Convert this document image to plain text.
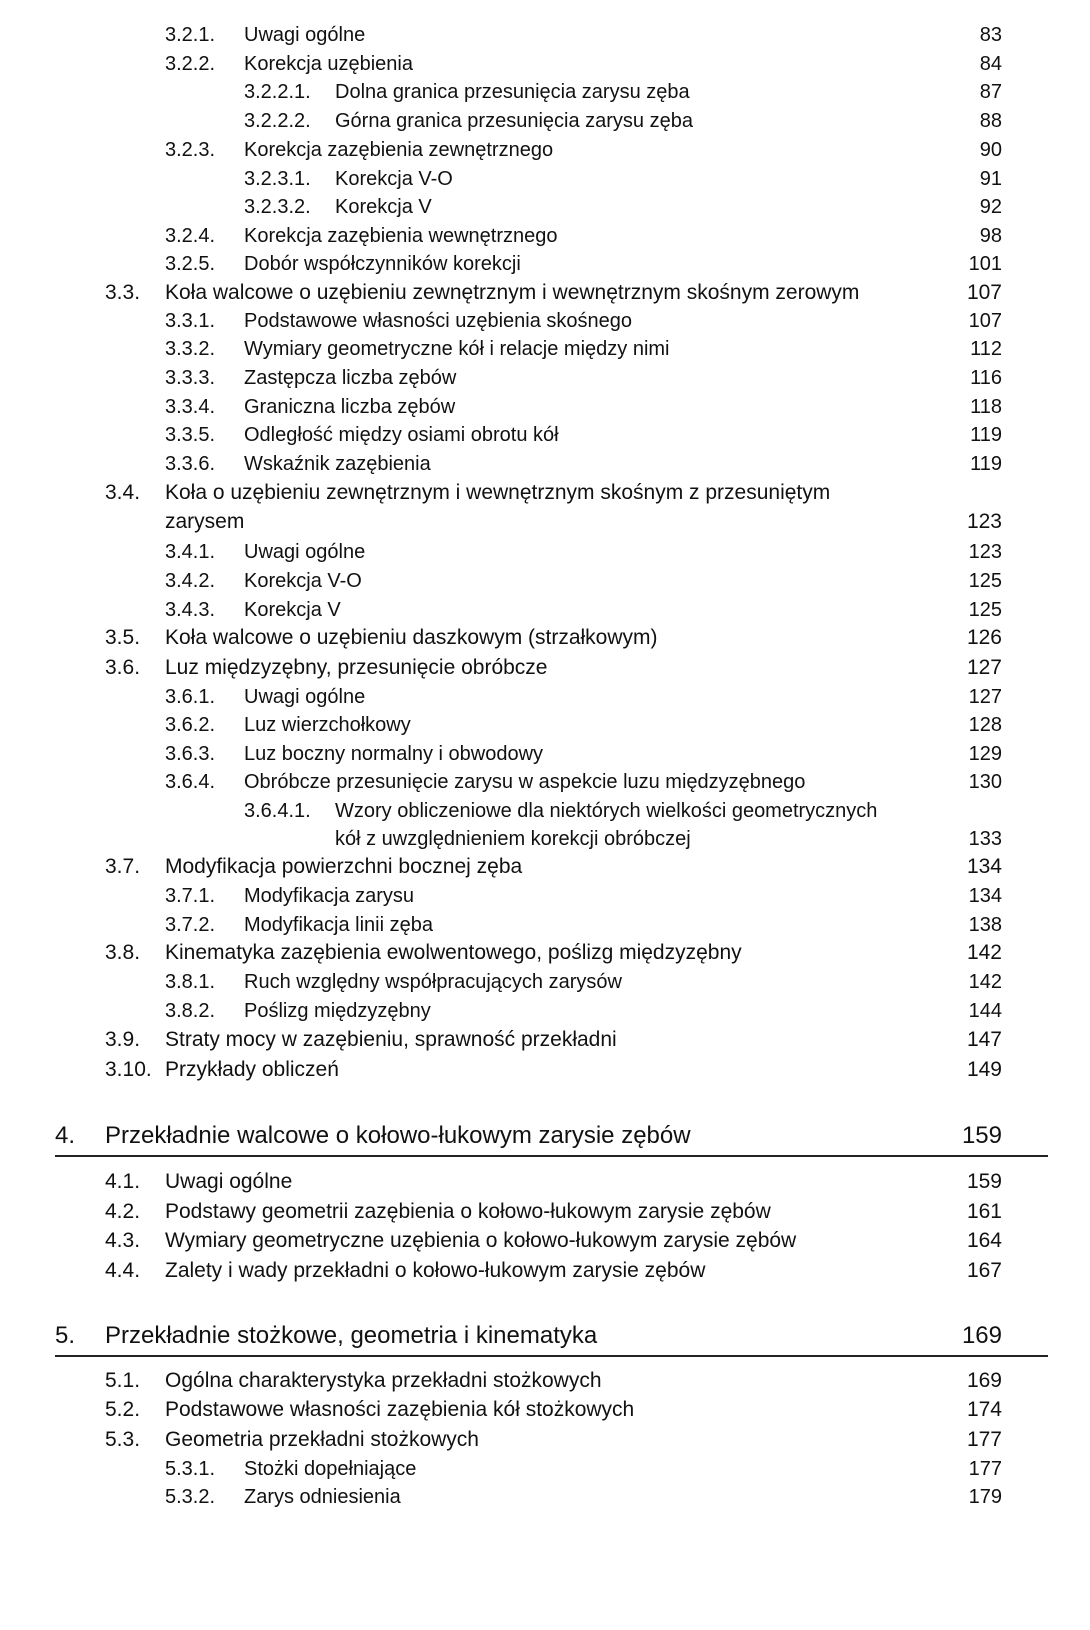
3.2.1. Uwagi ogólne	83
3.2.2. Korekcja uzębienia	84
3.2.2.1. Dolna granica przesunięcia zarysu zęba	87
3.2.2.2. Górna granica przesunięcia zarysu zęba	88
3.2.3. Korekcja zazębienia zewnętrznego	90
3.2.3.1. Korekcja V-O	91
3.2.3.2. Korekcja V	92
3.2.4. Korekcja zazębienia wewnętrznego	98
3.2.5. Dobór współczynników korekcji	101
3.3. Koła walcowe o uzębieniu zewnętrznym i wewnętrznym skośnym zerowym	107
3.3.1. Podstawowe własności uzębienia skośnego	107
3.3.2. Wymiary geometryczne kół i relacje między nimi	112
3.3.3. Zastępcza liczba zębów	116
3.3.4. Graniczna liczba zębów	118
3.3.5. Odległość między osiami obrotu kół	119
3.3.6. Wskaźnik zazębienia	119
3.4. Koła o uzębieniu zewnętrznym i wewnętrznym skośnym z przesuniętym
zarysem	123
3.4.1. Uwagi ogólne	123
3.4.2. Korekcja V-O	125
3.4.3. Korekcja V	125
3.5. Koła walcowe o uzębieniu daszkowym (strzałkowym)	126
3.6. Luz międzyzębny, przesunięcie obróbcze	127
3.6.1. Uwagi ogólne	127
3.6.2. Luz wierzchołkowy	128
3.6.3. Luz boczny normalny i obwodowy	129
3.6.4. Obróbcze przesunięcie zarysu w aspekcie luzu międzyzębnego	130
3.6.4.1. Wzory obliczeniowe dla niektórych wielkości geometrycznych
kół z uwzględnieniem korekcji obróbczej	133
3.7. Modyfikacja powierzchni bocznej zęba	134
3.7.1. Modyfikacja zarysu	134
3.7.2. Modyfikacja linii zęba	138
3.8. Kinematyka zazębienia ewolwentowego, poślizg międzyzębny	142
3.8.1. Ruch względny współpracujących zarysów	142
3.8.2. Poślizg międzyzębny	144
3.9. Straty mocy w zazębieniu, sprawność przekładni	147
3.10. Przykłady obliczeń	149
4. Przekładnie walcowe o kołowo-łukowym zarysie zębów	159
4.1. Uwagi ogólne	159
4.2. Podstawy geometrii zazębienia o kołowo-łukowym zarysie zębów	161
4.3. Wymiary geometryczne uzębienia o kołowo-łukowym zarysie zębów	164
4.4. Zalety i wady przekładni o kołowo-łukowym zarysie zębów	167
5. Przekładnie stożkowe, geometria i kinematyka	169
5.1. Ogólna charakterystyka przekładni stożkowych	169
5.2. Podstawowe własności zazębienia kół stożkowych	174
5.3. Geometria przekładni stożkowych	177
5.3.1. Stożki dopełniające	177
5.3.2. Zarys odniesienia	179
